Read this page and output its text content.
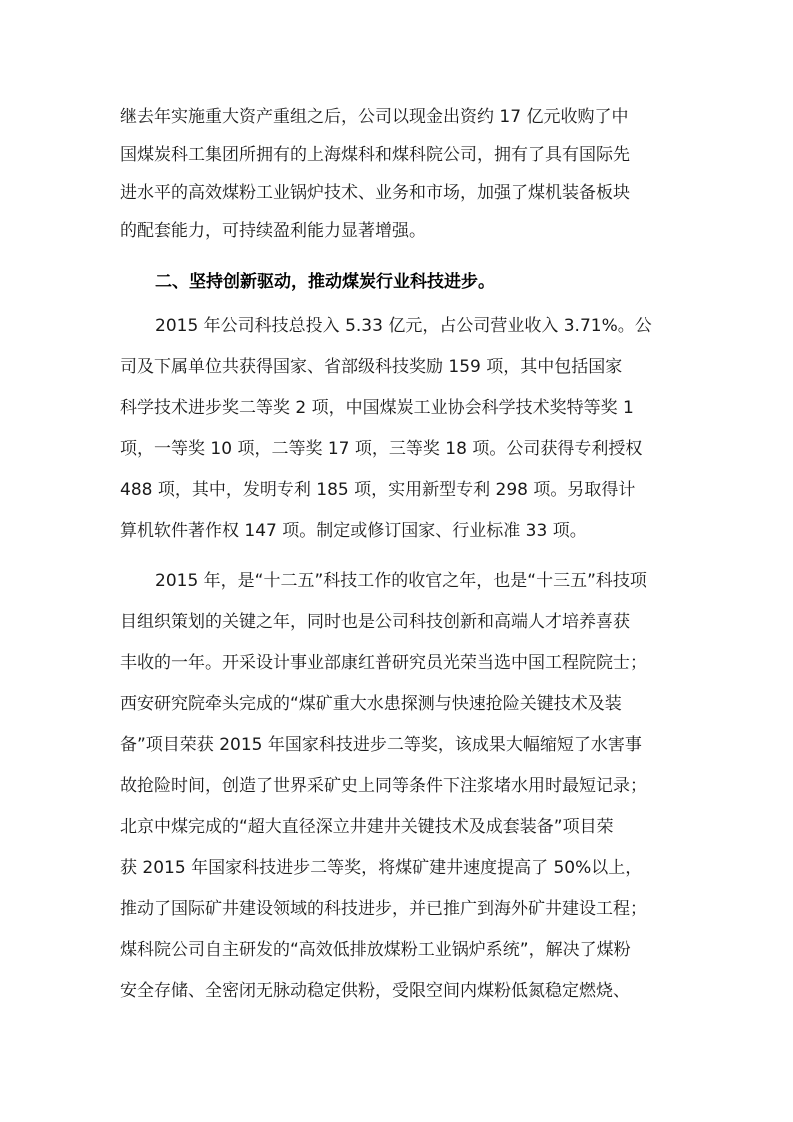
继去年实施重大资产重组之后，公司以现金出资约 17 亿元收购了中
国煤炭科工集团所拥有的上海煤科和煤科院公司，拥有了具有国际先
进水平的高效煤粉工业锅炉技术、业务和市场，加强了煤机装备板块
的配套能力，可持续盈利能力显著增强。
二、坚持创新驱动，推动煤炭行业科技进步。
2015 年公司科技总投入 5.33 亿元，占公司营业收入 3.71%。公
司及下属单位共获得国家、省部级科技奖励 159 项，其中包括国家
科学技术进步奖二等奖 2 项，中国煤炭工业协会科学技术奖特等奖 1
项，一等奖 10 项，二等奖 17 项，三等奖 18 项。公司获得专利授权
488 项，其中，发明专利 185 项，实用新型专利 298 项。另取得计
算机软件著作权 147 项。制定或修订国家、行业标准 33 项。
2015 年，是“十二五”科技工作的收官之年，也是“十三五”科技项
目组织策划的关键之年，同时也是公司科技创新和高端人才培养喜获
丰收的一年。开采设计事业部康红普研究员光荣当选中国工程院院士；
西安研究院牵头完成的“煤矿重大水患探测与快速抢险关键技术及装
备”项目荣获 2015 年国家科技进步二等奖，该成果大幅缩短了水害事
故抢险时间，创造了世界采矿史上同等条件下注浆堵水用时最短记录；
北京中煤完成的“超大直径深立井建井关键技术及成套装备”项目荣
获 2015 年国家科技进步二等奖，将煤矿建井速度提高了 50%以上，
推动了国际矿井建设领域的科技进步，并已推广到海外矿井建设工程；
煤科院公司自主研发的“高效低排放煤粉工业锅炉系统”，解决了煤粉
安全存储、全密闭无脉动稳定供粉，受限空间内煤粉低氮稳定燃烧、
